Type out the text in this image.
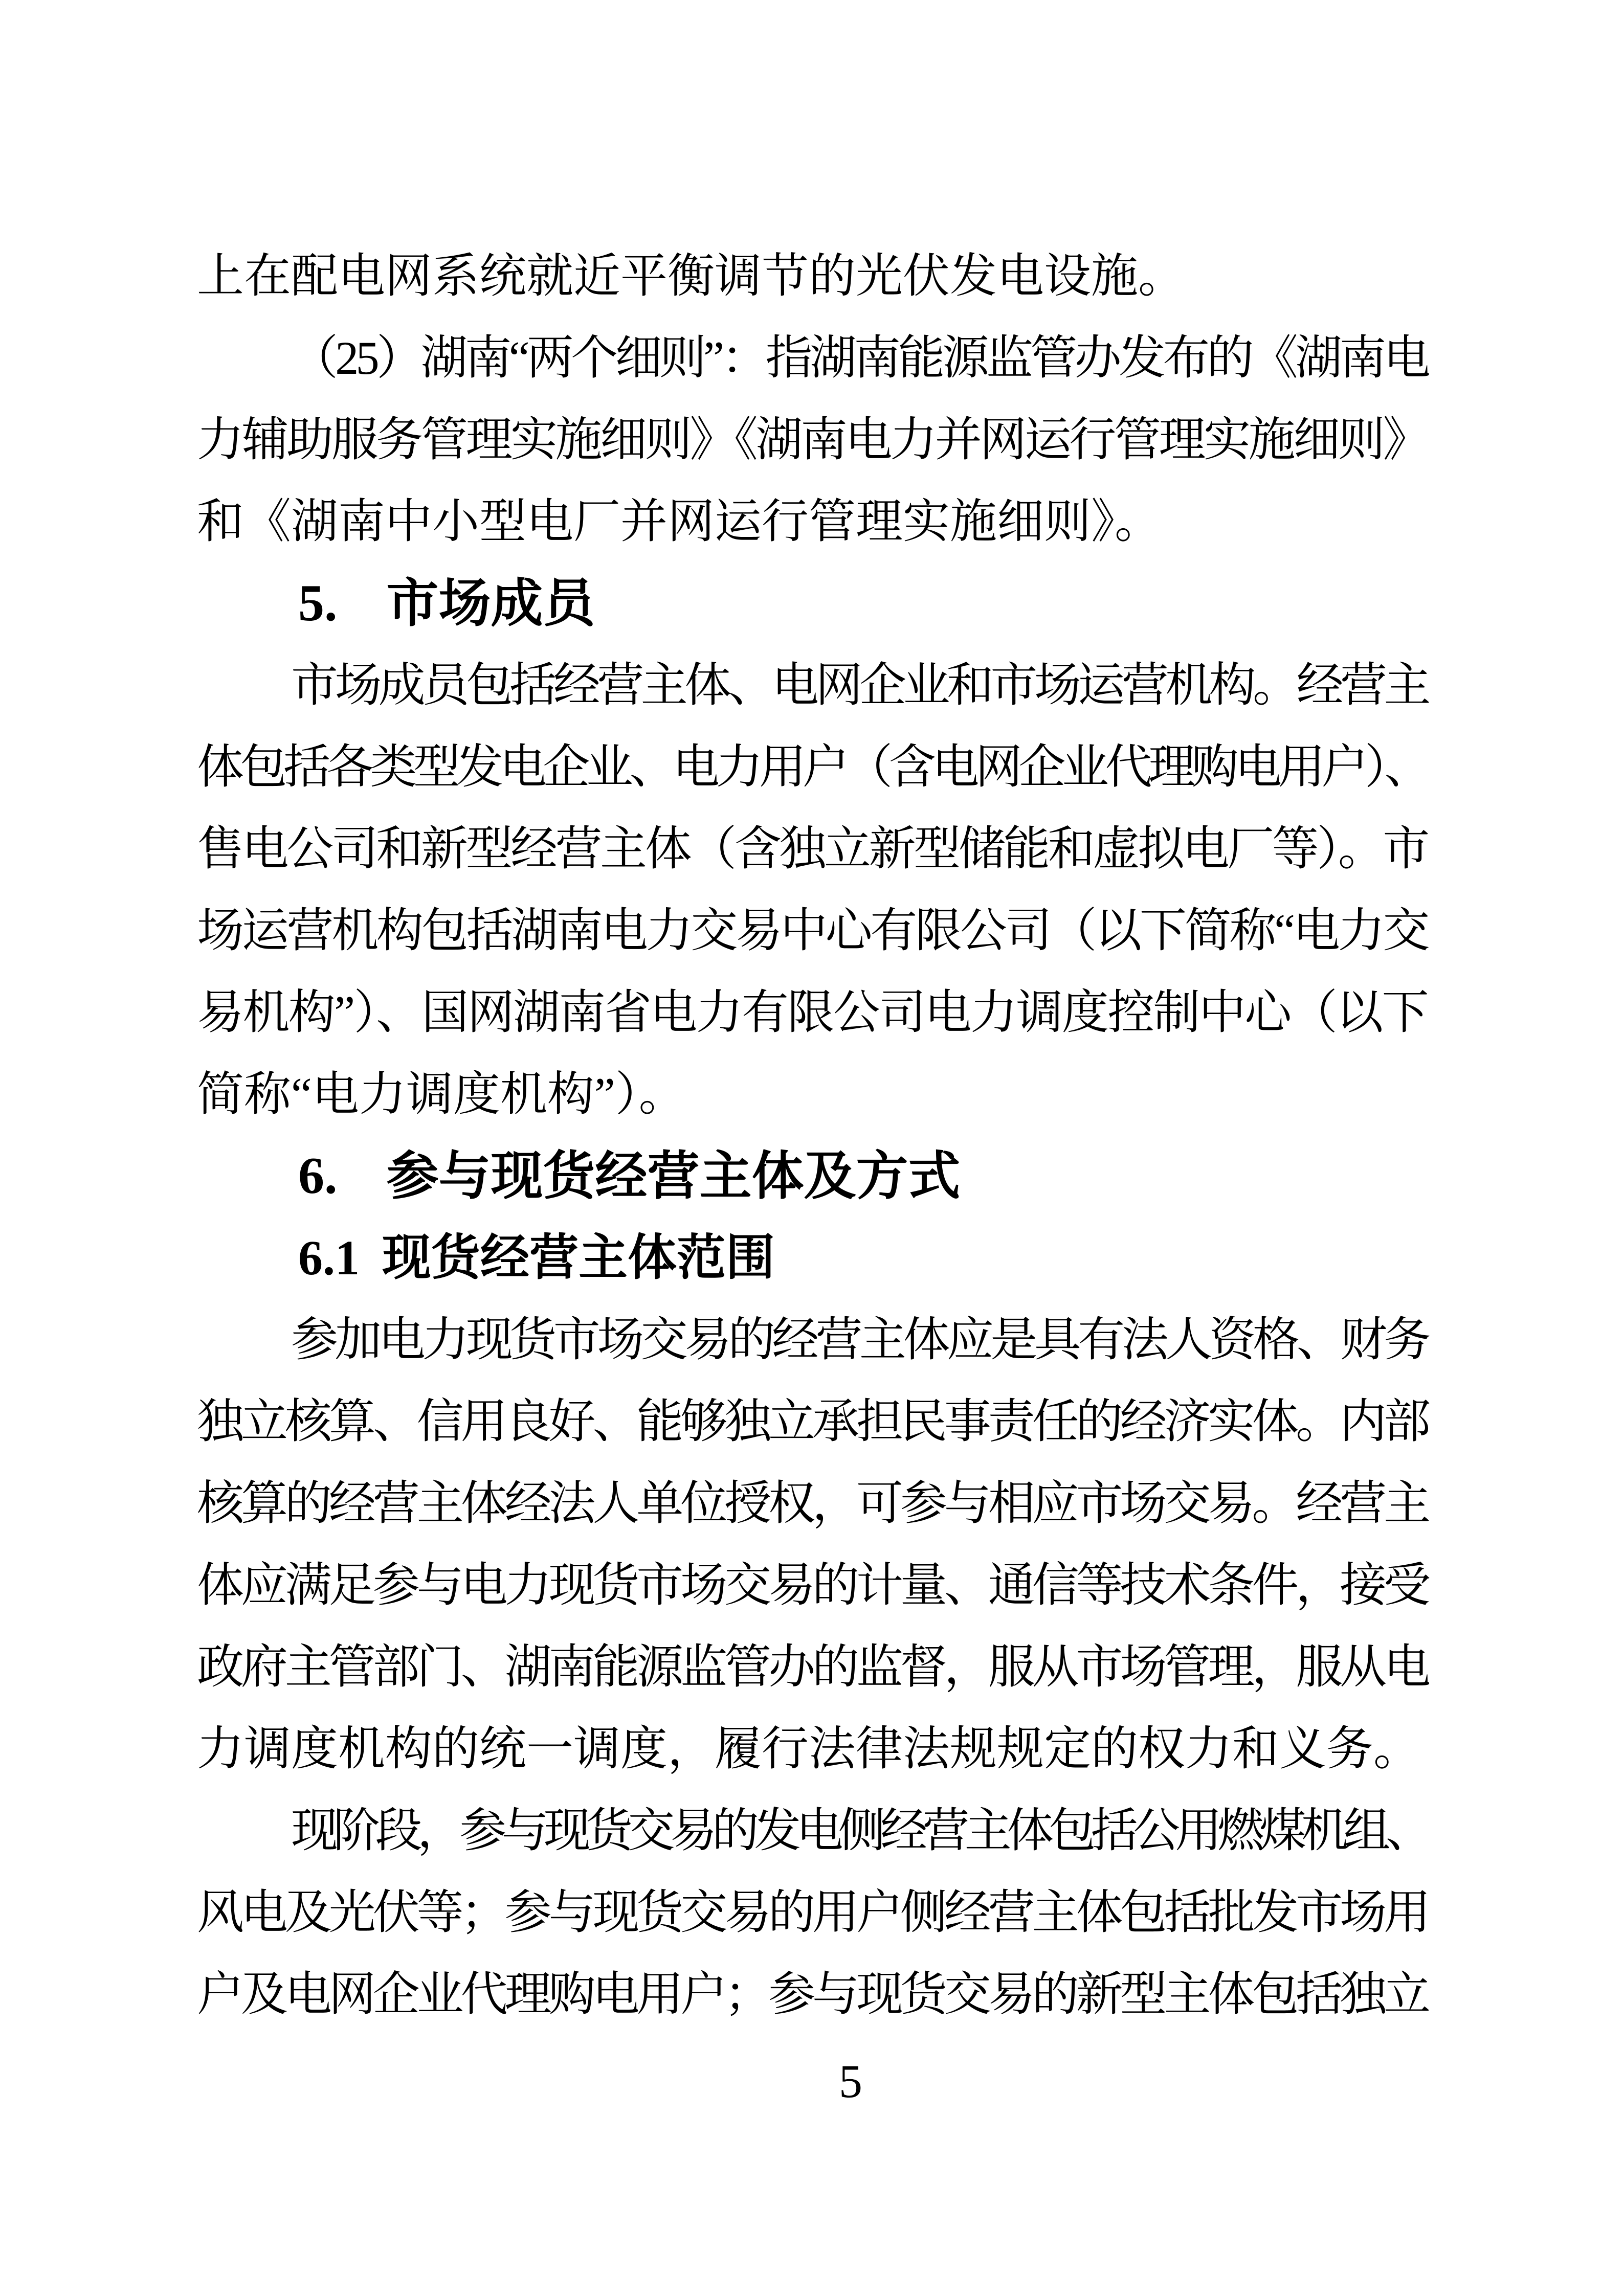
上在配电网系统就近平衡调节的光伏发电设施。
（25）湖南“两个细则”：指湖南能源监管办发布的《湖南电
力辅助服务管理实施细则》《湖南电力并网运行管理实施细则》
和《湖南中小型电厂并网运行管理实施细则》。
5. 市场成员
市场成员包括经营主体、电网企业和市场运营机构。经营主
体包括各类型发电企业、电力用户（含电网企业代理购电用户）、
售电公司和新型经营主体（含独立新型储能和虚拟电厂等）。市
场运营机构包括湖南电力交易中心有限公司（以下简称“电力交
易机构”）、国网湖南省电力有限公司电力调度控制中心（以下
简称“电力调度机构”）。
6. 参与现货经营主体及方式
6.1 现货经营主体范围
参加电力现货市场交易的经营主体应是具有法人资格、财务
独立核算、信用良好、能够独立承担民事责任的经济实体。内部
核算的经营主体经法人单位授权，可参与相应市场交易。经营主
体应满足参与电力现货市场交易的计量、通信等技术条件，接受
政府主管部门、湖南能源监管办的监督，服从市场管理，服从电
力调度机构的统一调度，履行法律法规规定的权力和义务。
现阶段，参与现货交易的发电侧经营主体包括公用燃煤机组、
风电及光伏等；参与现货交易的用户侧经营主体包括批发市场用
户及电网企业代理购电用户；参与现货交易的新型主体包括独立
5
